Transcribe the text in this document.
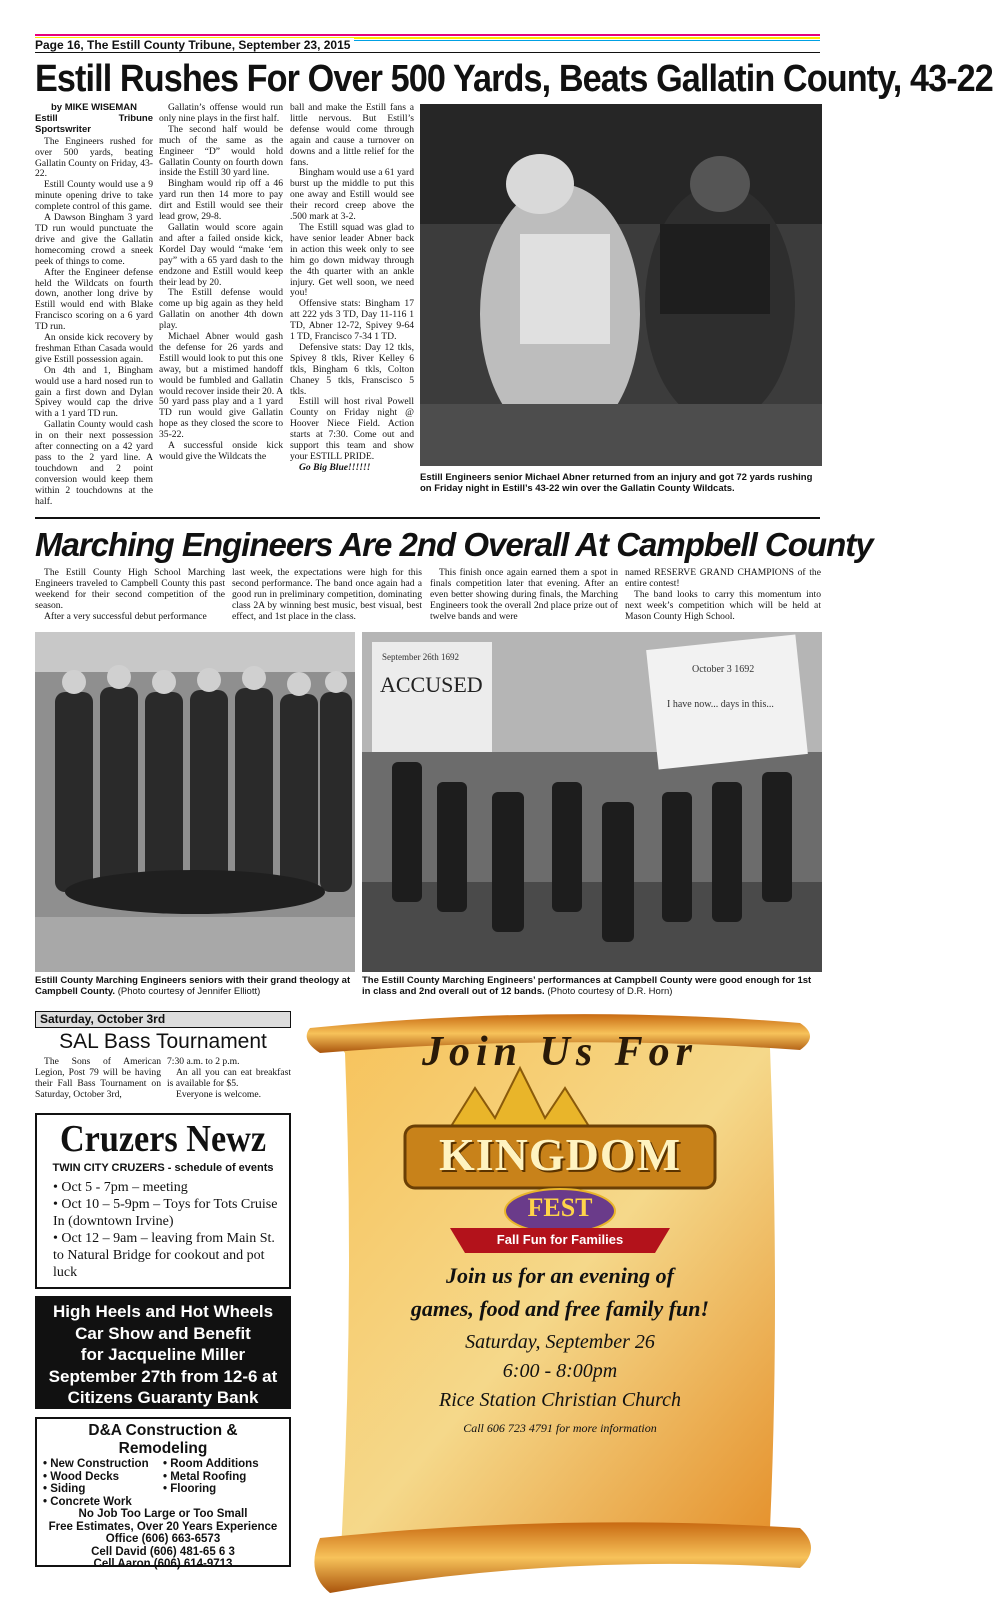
Page 16, The Estill County Tribune, September 23, 2015
Estill Rushes For Over 500 Yards, Beats Gallatin County, 43-22

by MIKE WISEMAN

Estill Tribune Sportswriter

The Engineers rushed for over 500 yards, beating Gallatin County on Friday, 43-22.

Estill County would use a 9 minute opening drive to take complete control of this game.

A Dawson Bingham 3 yard TD run would punctuate the drive and give the Gallatin homecoming crowd a sneek peek of things to come.

After the Engineer defense held the Wildcats on fourth down, another long drive by Estill would end with Blake Francisco scoring on a 6 yard TD run.

An onside kick recovery by freshman Ethan Casada would give Estill possession again.

On 4th and 1, Bingham would use a hard nosed run to gain a first down and Dylan Spivey would cap the drive with a 1 yard TD run.

Gallatin County would cash in on their next possession after connecting on a 42 yard pass to the 2 yard line. A touchdown and 2 point conversion would keep them within 2 touchdowns at the half.

Gallatin’s offense would run only nine plays in the first half.

The second half would be much of the same as the Engineer “D” would hold Gallatin County on fourth down inside the Estill 30 yard line.

Bingham would rip off a 46 yard run then 14 more to pay dirt and Estill would see their lead grow, 29-8.

Gallatin would score again and after a failed onside kick, Kordel Day would “make ‘em pay” with a 65 yard dash to the endzone and Estill would keep their lead by 20.

The Estill defense would come up big again as they held Gallatin on another 4th down play.

Michael Abner would gash the defense for 26 yards and Estill would look to put this one away, but a mistimed handoff would be fumbled and Gallatin would recover inside their 20. A 50 yard pass play and a 1 yard TD run would give Gallatin hope as they closed the score to 35-22.

A successful onside kick would give the Wildcats the

ball and make the Estill fans a little nervous. But Estill’s defense would come through again and cause a turnover on downs and a little relief for the fans.

Bingham would use a 61 yard burst up the middle to put this one away and Estill would see their record creep above the .500 mark at 3-2.

The Estill squad was glad to have senior leader Abner back in action this week only to see him go down midway through the 4th quarter with an ankle injury. Get well soon, we need you!

Offensive stats: Bingham 17 att 222 yds 3 TD, Day 11-116 1 TD, Abner 12-72, Spivey 9-64 1 TD, Francisco 7-34 1 TD.

Defensive stats: Day 12 tkls, Spivey 8 tkls, River Kelley 6 tkls, Bingham 6 tkls, Colton Chaney 5 tkls, Franscisco 5 tkls.

Estill will host rival Powell County on Friday night @ Hoover Niece Field. Action starts at 7:30. Come out and support this team and show your ESTILL PRIDE.

Go Big Blue!!!!!!

Estill Engineers senior Michael Abner returned from an injury and got 72 yards rushing on Friday night in Estill’s 43-22 win over the Gallatin County Wildcats.
Marching Engineers Are 2nd Overall At Campbell County

The Estill County High School Marching Engineers traveled to Campbell County this past weekend for their second competition of the season.

After a very successful debut performance

last week, the expectations were high for this second performance. The band once again had a good run in preliminary competition, dominating class 2A by winning best music, best visual, best effect, and 1st place in the class.

This finish once again earned them a spot in finals competition later that evening. After an even better showing during finals, the Marching Engineers took the overall 2nd place prize out of twelve bands and were

named RESERVE GRAND CHAMPIONS of the entire contest!

The band looks to carry this momentum into next week’s competition which will be held at Mason County High School.

September 26th 1692
ACCUSED
October 3 1692
I have now... days in this...
Estill County Marching Engineers seniors with their grand theology at Campbell County. (Photo courtesy of Jennifer Elliott)
The Estill County Marching Engineers’ performances at Campbell County were good enough for 1st in class and 2nd overall out of 12 bands. (Photo courtesy of D.R. Horn)
Saturday, October 3rd
SAL Bass Tournament

The Sons of American Legion, Post 79 will be having their Fall Bass Tournament on Saturday, October 3rd,

7:30 a.m. to 2 p.m.

An all you can eat breakfast is available for $5.

Everyone is welcome.

Cruzers Newz
TWIN CITY CRUZERS - schedule of events
• Oct 5 - 7pm – meeting
• Oct 10 – 5-9pm – Toys for Tots Cruise In (downtown Irvine)
• Oct 12 – 9am – leaving from Main St. to Natural Bridge for cookout and pot luck
High Heels and Hot Wheels
Car Show and Benefit
for Jacqueline Miller
September 27th from 12-6 at
Citizens Guaranty Bank
D&A Construction & Remodeling
• New Construction
• Wood Decks
• Siding
• Concrete Work
• Room Additions
• Metal Roofing
• Flooring
No Job Too Large or Too Small
Free Estimates, Over 20 Years Experience
Office (606) 663-6573
Cell David (606) 481-65 6 3
Cell Aaron (606) 614-9713
Join Us For
KINGDOM
FEST
Fall Fun for Families
Join us for an evening of
games, food and free family fun!
Saturday, September 26
6:00 - 8:00pm
Rice Station Christian Church
Call 606 723 4791 for more information
